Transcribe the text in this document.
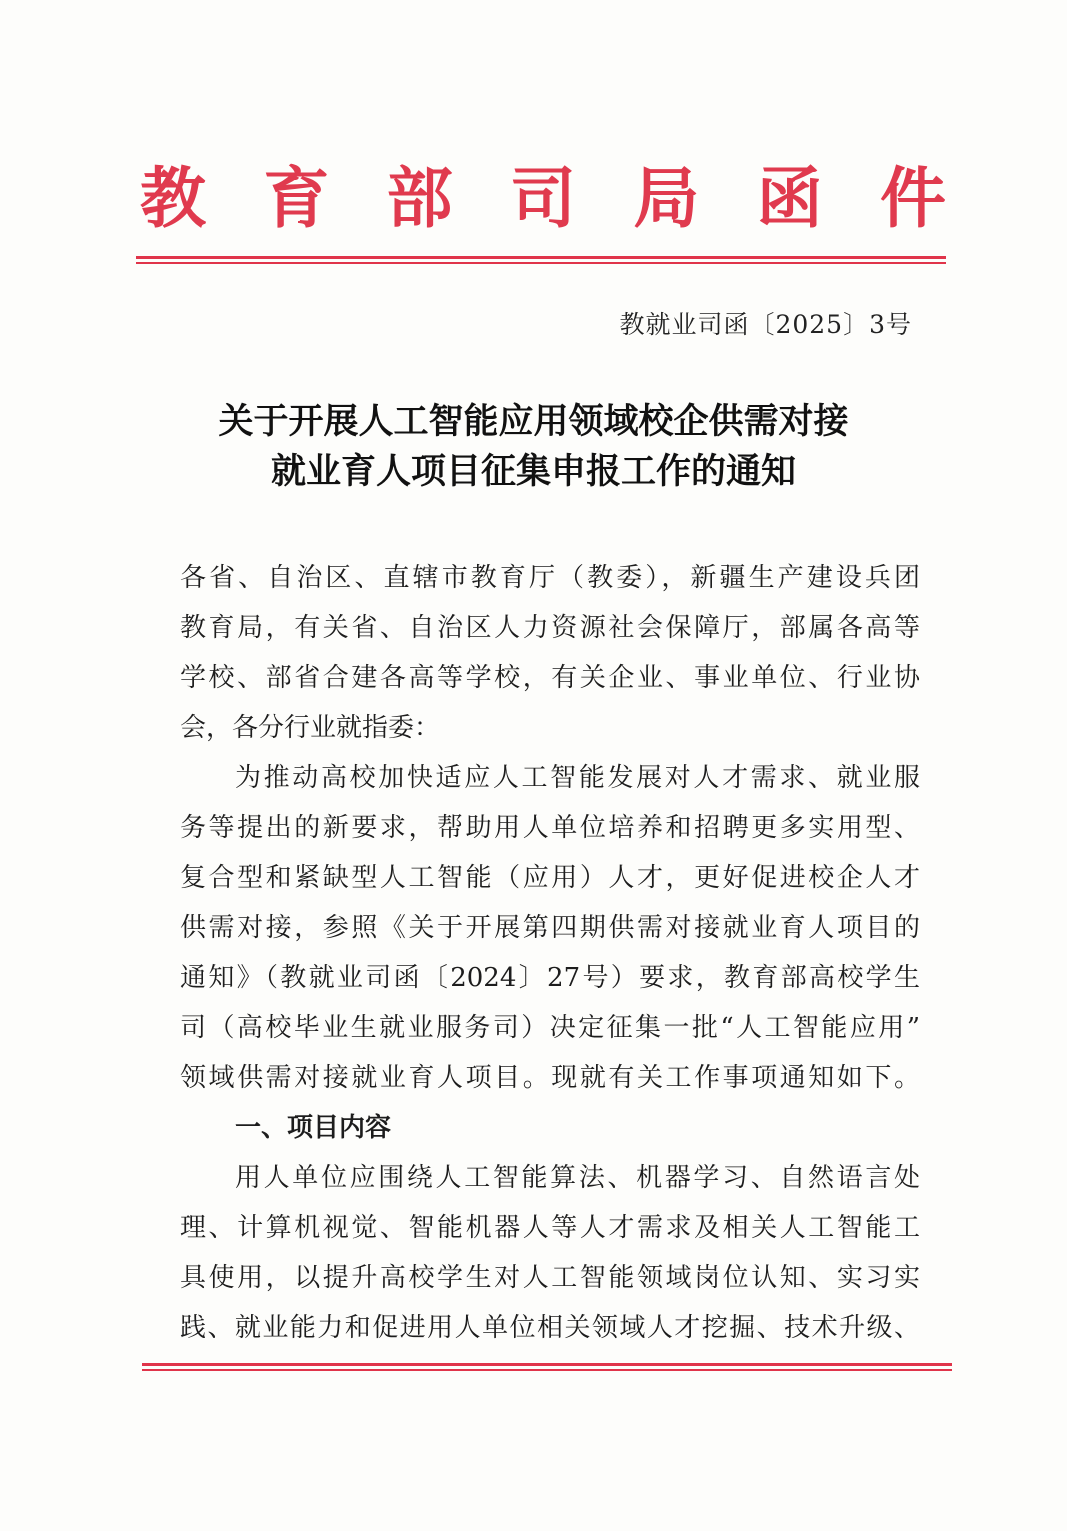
教 育 部 司 局 函 件
教就业司函〔2025〕3号
关于开展人工智能应用领域校企供需对接
就业育人项目征集申报工作的通知
各省、自治区、直辖市教育厅（教委），新疆生产建设兵团
教育局，有关省、自治区人力资源社会保障厅，部属各高等
学校、部省合建各高等学校，有关企业、事业单位、行业协
会，各分行业就指委：
为推动高校加快适应人工智能发展对人才需求、就业服
务等提出的新要求，帮助用人单位培养和招聘更多实用型、
复合型和紧缺型人工智能（应用）人才，更好促进校企人才
供需对接，参照《关于开展第四期供需对接就业育人项目的
通知》（教就业司函〔2024〕27号）要求，教育部高校学生
司（高校毕业生就业服务司）决定征集一批“人工智能应用”
领域供需对接就业育人项目。现就有关工作事项通知如下。
一、项目内容
用人单位应围绕人工智能算法、机器学习、自然语言处
理、计算机视觉、智能机器人等人才需求及相关人工智能工
具使用，以提升高校学生对人工智能领域岗位认知、实习实
践、就业能力和促进用人单位相关领域人才挖掘、技术升级、
